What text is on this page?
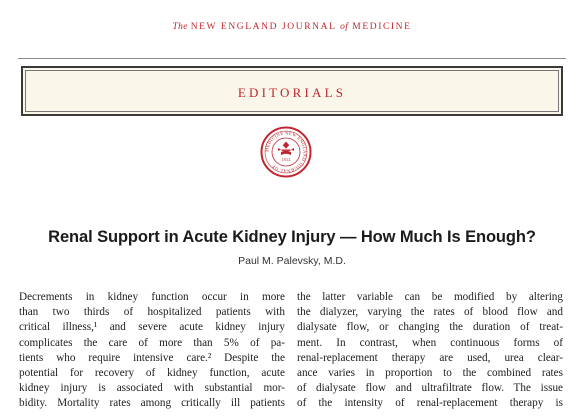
The NEW ENGLAND JOURNAL of MEDICINE
EDITORIALS
MEDICINE NEW ENGLAND JOURNAL OF
1812
Renal Support in Acute Kidney Injury — How Much Is Enough?
Paul M. Palevsky, M.D.
Decrements in kidney function occur in more
than two thirds of hospitalized patients with
critical illness,¹ and severe acute kidney injury
complicates the care of more than 5% of pa-
tients who require intensive care.² Despite the
potential for recovery of kidney function, acute
kidney injury is associated with substantial mor-
bidity. Mortality rates among critically ill patients
the latter variable can be modified by altering
the dialyzer, varying the rates of blood flow and
dialysate flow, or changing the duration of treat-
ment. In contrast, when continuous forms of
renal-replacement therapy are used, urea clear-
ance varies in proportion to the combined rates
of dialysate flow and ultrafiltrate flow. The issue
of the intensity of renal-replacement therapy is
